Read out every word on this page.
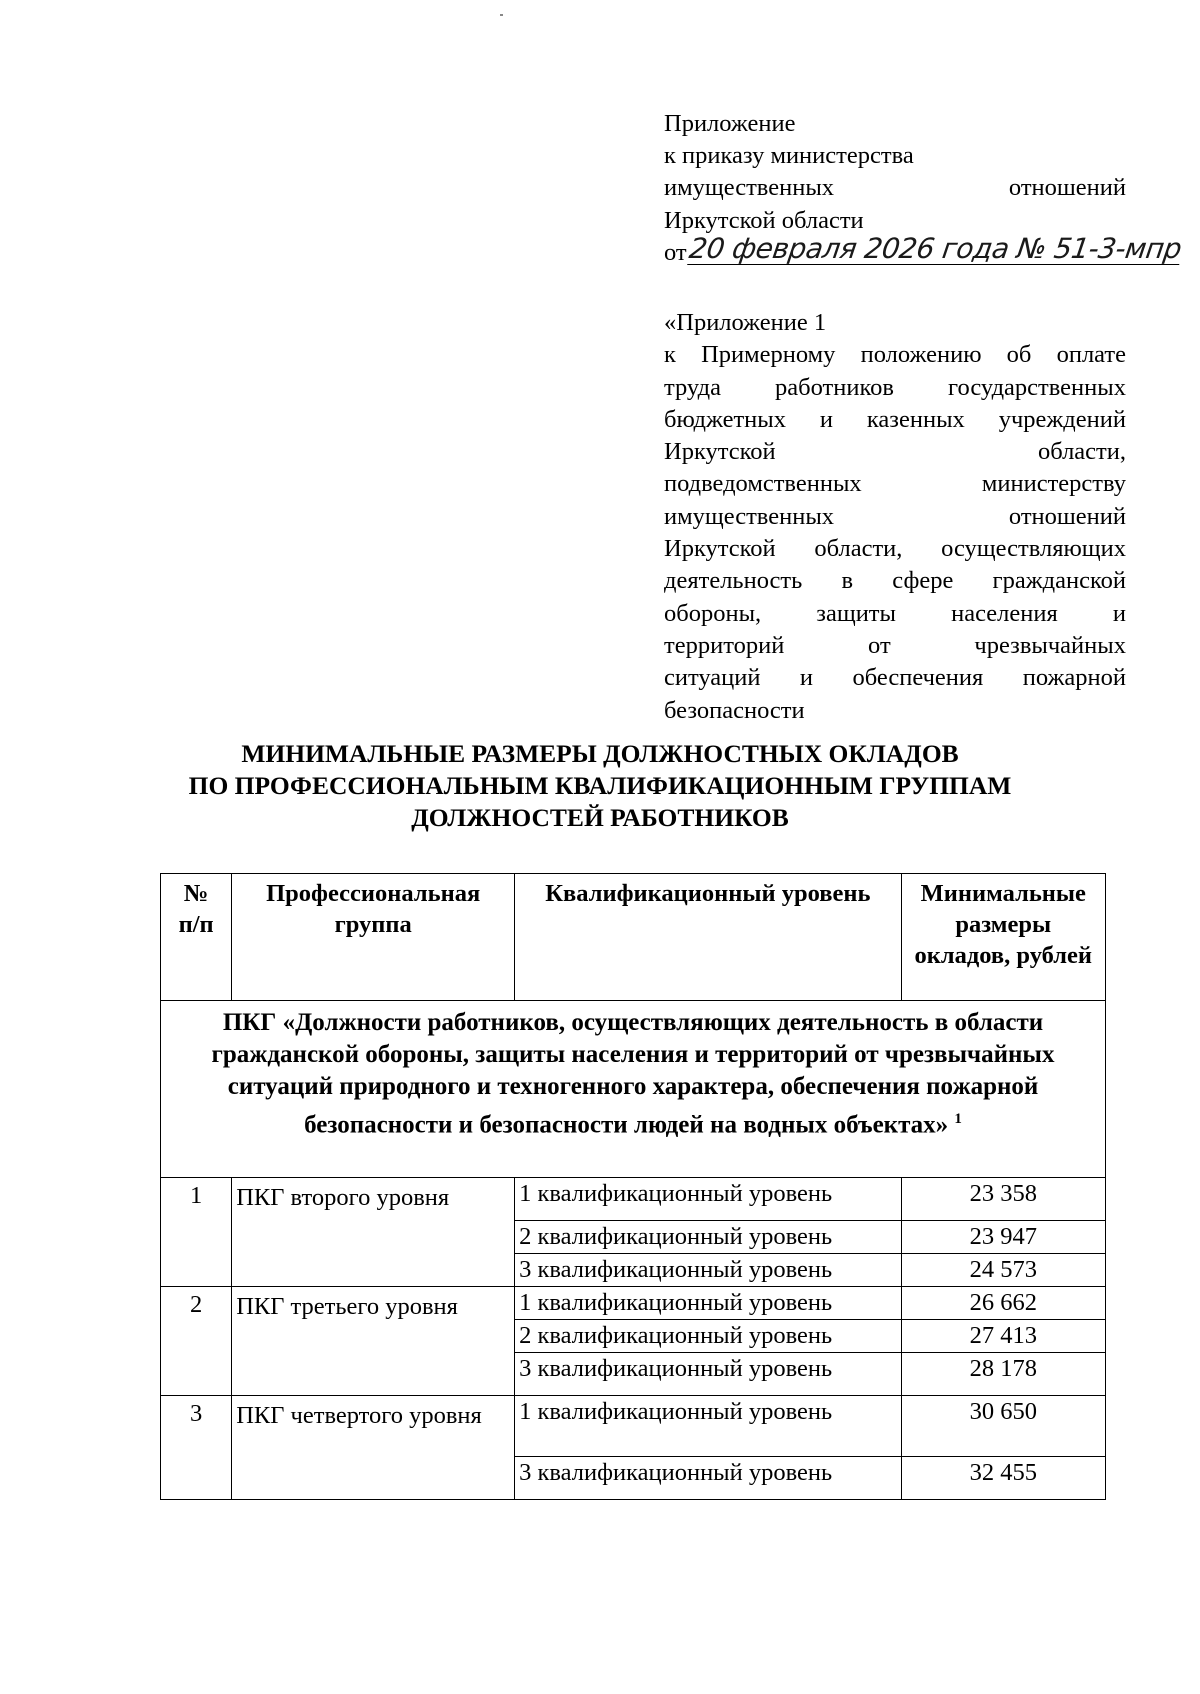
Приложение
к приказу министерства
имущественных	отношений
Иркутской области
от 20 февраля 2026 года № 51-3-мпр
«Приложение 1
к Примерному положению об оплате
труда работников государственных
бюджетных и казенных учреждений
Иркутской	области,
подведомственных	министерству
имущественных	отношений
Иркутской области, осуществляющих
деятельность в сфере гражданской
обороны, защиты населения и
территорий	от	чрезвычайных
ситуаций и обеспечения пожарной
безопасности
МИНИМАЛЬНЫЕ РАЗМЕРЫ ДОЛЖНОСТНЫХ ОКЛАДОВ
ПО ПРОФЕССИОНАЛЬНЫМ КВАЛИФИКАЦИОННЫМ ГРУППАМ
ДОЛЖНОСТЕЙ РАБОТНИКОВ
№ п/п	Профессиональная группа	Квалификационный уровень	Минимальные размеры окладов, рублей

ПКГ «Должности работников, осуществляющих деятельность в области гражданской обороны, защиты населения и территорий от чрезвычайных ситуаций природного и техногенного характера, обеспечения пожарной безопасности и безопасности людей на водных объектах» $^1$
1	ПКГ второго уровня	1 квалификационный уровень	23 358
		2 квалификационный уровень	23 947
		3 квалификационный уровень	24 573
2	ПКГ третьего уровня	1 квалификационный уровень	26 662
		2 квалификационный уровень	27 413
		3 квалификационный уровень	28 178
3	ПКГ четвертого уровня	1 квалификационный уровень	30 650
		3 квалификационный уровень	32 455
